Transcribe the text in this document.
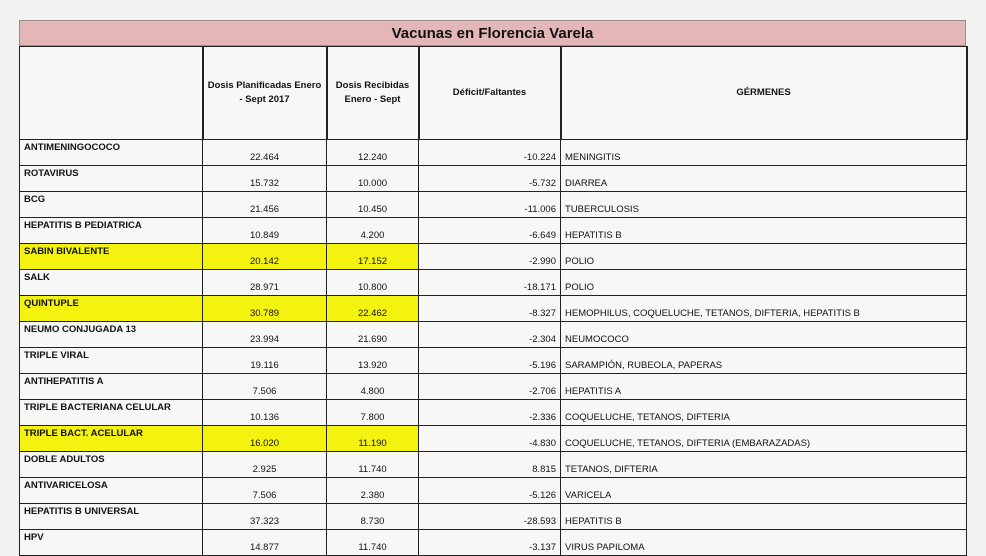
Vacunas en Florencia Varela
	Dosis Planificadas Enero - Sept 2017	Dosis Recibidas Enero - Sept	Déficit/Faltantes	GÉRMENES
ANTIMENINGOCOCO	22.464	12.240	-10.224	MENINGITIS
ROTAVIRUS	15.732	10.000	-5.732	DIARREA
BCG	21.456	10.450	-11.006	TUBERCULOSIS
HEPATITIS B PEDIATRICA	10.849	4.200	-6.649	HEPATITIS B
SABIN BIVALENTE	20.142	17.152	-2.990	POLIO
SALK	28.971	10.800	-18.171	POLIO
QUINTUPLE	30.789	22.462	-8.327	HEMOPHILUS, COQUELUCHE, TETANOS, DIFTERIA, HEPATITIS B
NEUMO CONJUGADA 13	23.994	21.690	-2.304	NEUMOCOCO
TRIPLE VIRAL	19.116	13.920	-5.196	SARAMPIÓN, RUBEOLA, PAPERAS
ANTIHEPATITIS A	7.506	4.800	-2.706	HEPATITIS A
TRIPLE BACTERIANA CELULAR	10.136	7.800	-2.336	COQUELUCHE, TETANOS, DIFTERIA
TRIPLE BACT. ACELULAR	16.020	11.190	-4.830	COQUELUCHE, TETANOS, DIFTERIA (EMBARAZADAS)
DOBLE ADULTOS	2.925	11.740	8.815	TETANOS, DIFTERIA
ANTIVARICELOSA	7.506	2.380	-5.126	VARICELA
HEPATITIS B UNIVERSAL	37.323	8.730	-28.593	HEPATITIS B
HPV	14.877	11.740	-3.137	VIRUS PAPILOMA
